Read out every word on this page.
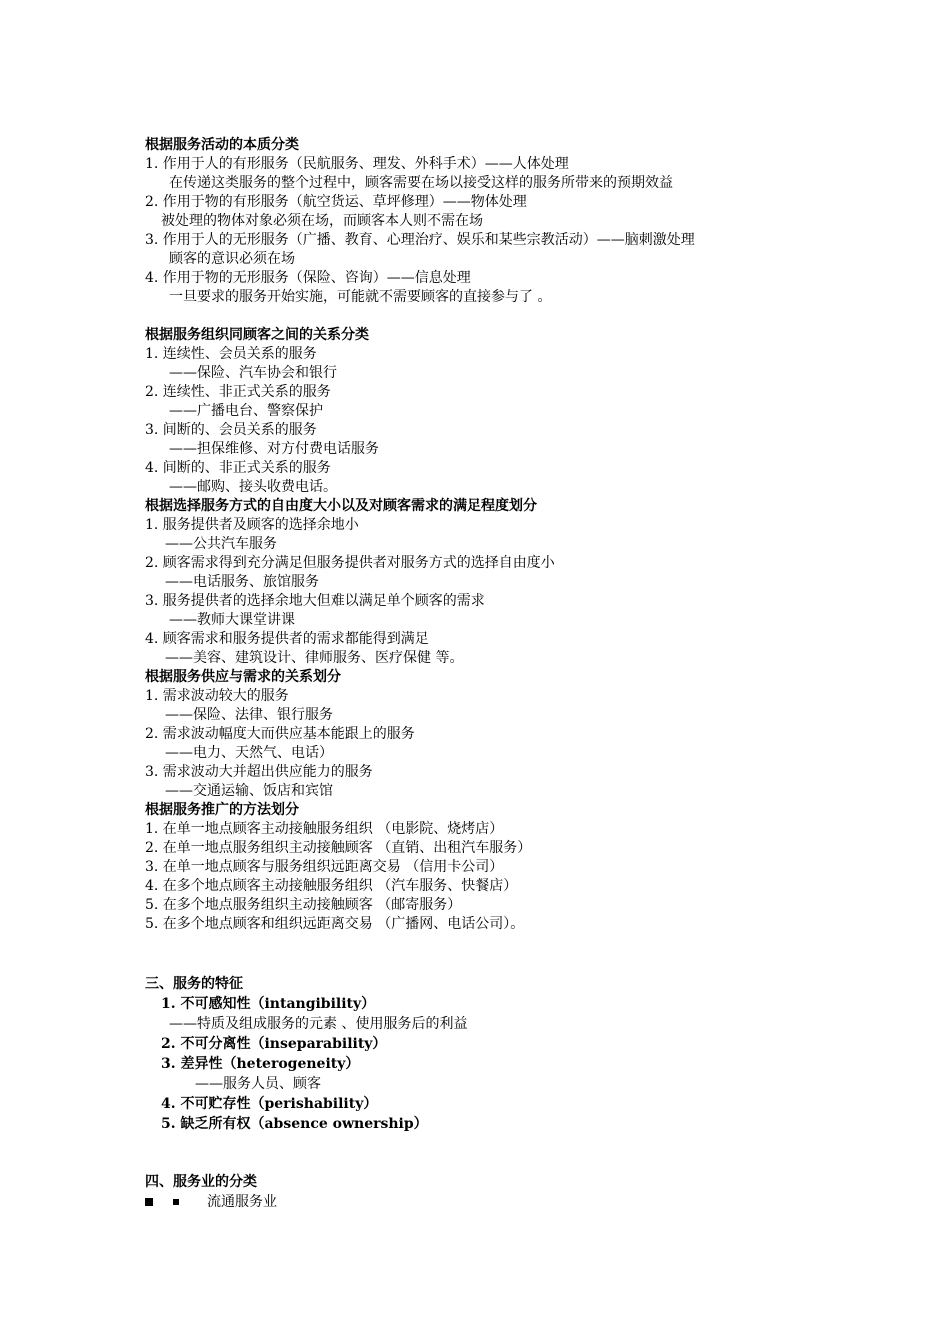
根据服务活动的本质分类
1. 作用于人的有形服务（民航服务、理发、外科手术）——人体处理
在传递这类服务的整个过程中，顾客需要在场以接受这样的服务所带来的预期效益
2. 作用于物的有形服务（航空货运、草坪修理）——物体处理
被处理的物体对象必须在场，而顾客本人则不需在场
3. 作用于人的无形服务（广播、教育、心理治疗、娱乐和某些宗教活动）——脑刺激处理
顾客的意识必须在场
4. 作用于物的无形服务（保险、咨询）——信息处理
一旦要求的服务开始实施，可能就不需要顾客的直接参与了 。
根据服务组织同顾客之间的关系分类
1. 连续性、会员关系的服务
——保险、汽车协会和银行
2. 连续性、非正式关系的服务
——广播电台、警察保护
3. 间断的、会员关系的服务
——担保维修、对方付费电话服务
4. 间断的、非正式关系的服务
——邮购、接头收费电话。
根据选择服务方式的自由度大小以及对顾客需求的满足程度划分
1. 服务提供者及顾客的选择余地小
——公共汽车服务
2. 顾客需求得到充分满足但服务提供者对服务方式的选择自由度小
——电话服务、旅馆服务
3. 服务提供者的选择余地大但难以满足单个顾客的需求
——教师大课堂讲课
4. 顾客需求和服务提供者的需求都能得到满足
——美容、建筑设计、律师服务、医疗保健 等。
根据服务供应与需求的关系划分
1. 需求波动较大的服务
——保险、法律、银行服务
2. 需求波动幅度大而供应基本能跟上的服务
——电力、天然气、电话）
3. 需求波动大并超出供应能力的服务
——交通运输、饭店和宾馆
根据服务推广的方法划分
1. 在单一地点顾客主动接触服务组织 （电影院、烧烤店）
2. 在单一地点服务组织主动接触顾客 （直销、出租汽车服务）
3. 在单一地点顾客与服务组织远距离交易 （信用卡公司）
4. 在多个地点顾客主动接触服务组织 （汽车服务、快餐店）
5. 在多个地点服务组织主动接触顾客 （邮寄服务）
5. 在多个地点顾客和组织远距离交易 （广播网、电话公司）。
三、服务的特征
1. 不可感知性（intangibility）
——特质及组成服务的元素 、使用服务后的利益
2. 不可分离性（inseparability）
3. 差异性（heterogeneity）
——服务人员、顾客
4. 不可贮存性（perishability）
5. 缺乏所有权（absence ownership）
四、服务业的分类
流通服务业
